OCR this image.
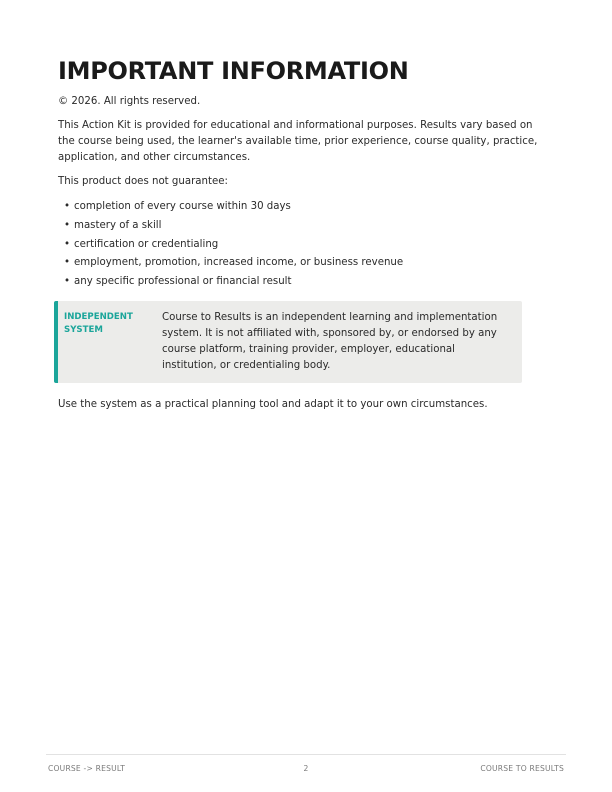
IMPORTANT INFORMATION

© 2026. All rights reserved.

This Action Kit is provided for educational and informational purposes. Results vary based on the course being used, the learner's available time, prior experience, course quality, practice, application, and other circumstances.

This product does not guarantee:

• completion of every course within 30 days
• mastery of a skill
• certification or credentialing
• employment, promotion, increased income, or business revenue
• any specific professional or financial result
INDEPENDENT SYSTEM
Course to Results is an independent learning and implementation system. It is not affiliated with, sponsored by, or endorsed by any course platform, training provider, employer, educational institution, or credentialing body.

Use the system as a practical planning tool and adapt it to your own circumstances.

COURSE -> RESULT	2	COURSE TO RESULTS
